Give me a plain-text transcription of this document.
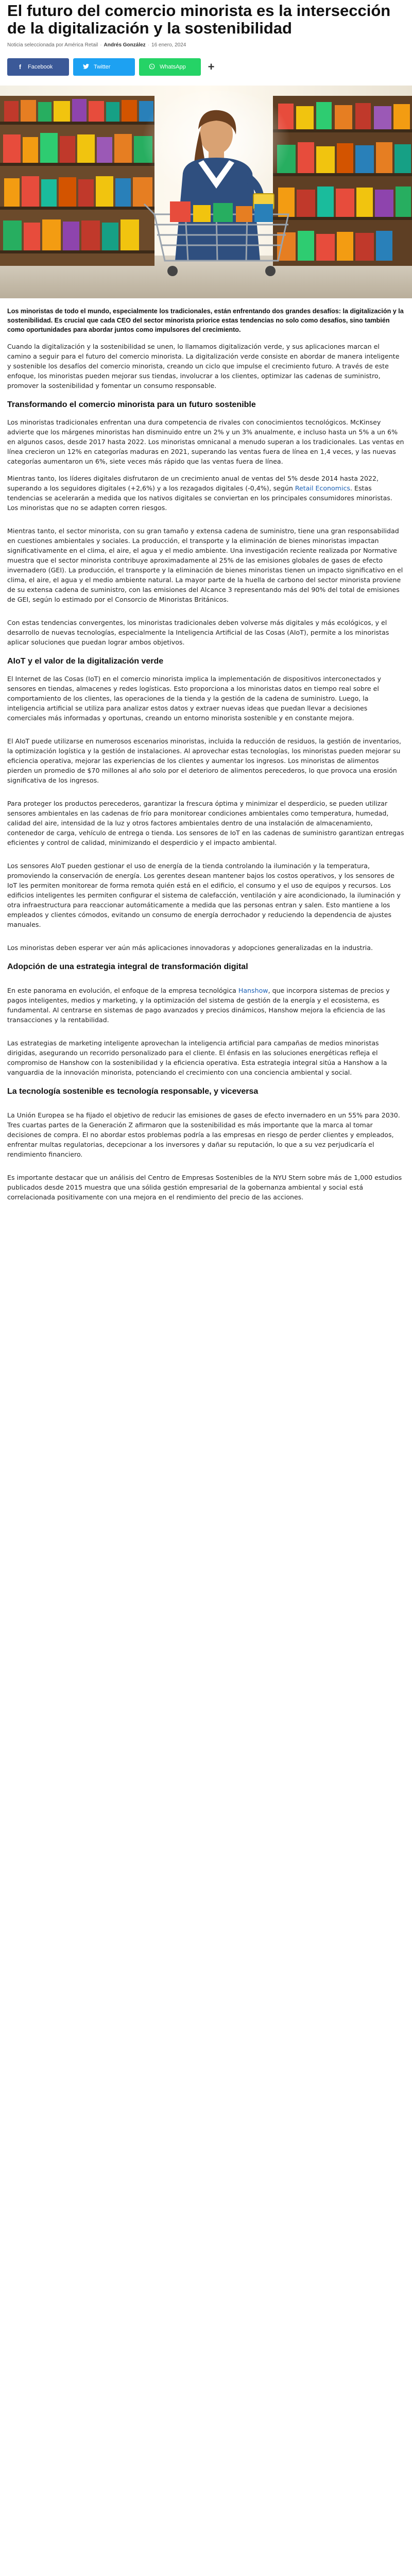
El futuro del comercio minorista es la intersección de la digitalización y la sostenibilidad
Noticia seleccionada por América Retail · Andrés González · 16 enero, 2024
f	Facebook	Twitter	WhatsApp +
Los minoristas de todo el mundo, especialmente los tradicionales, están enfrentando dos grandes desafíos: la digitalización y la sostenibilidad. Es crucial que cada CEO del sector minorista priorice estas tendencias no solo como desafíos, sino también como oportunidades para abordar juntos como impulsores del crecimiento.

Cuando la digitalización y la sostenibilidad se unen, lo llamamos digitalización verde, y sus aplicaciones marcan el camino a seguir para el futuro del comercio minorista. La digitalización verde consiste en abordar de manera inteligente y sostenible los desafíos del comercio minorista, creando un ciclo que impulse el crecimiento futuro. A través de este enfoque, los minoristas pueden mejorar sus tiendas, involucrar a los clientes, optimizar las cadenas de suministro, promover la sostenibilidad y fomentar un consumo responsable.

Transformando el comercio minorista para un futuro sostenible

Los minoristas tradicionales enfrentan una dura competencia de rivales con conocimientos tecnológicos. McKinsey advierte que los márgenes minoristas han disminuido entre un 2% y un 3% anualmente, e incluso hasta un 5% a un 6% en algunos casos, desde 2017 hasta 2022. Los minoristas omnicanal a menudo superan a los tradicionales. Las ventas en línea crecieron un 12% en categorías maduras en 2021, superando las ventas fuera de línea en 1,4 veces, y las nuevas categorías aumentaron un 6%, siete veces más rápido que las ventas fuera de línea.

Mientras tanto, los líderes digitales disfrutaron de un crecimiento anual de ventas del 5% desde 2014 hasta 2022, superando a los seguidores digitales (+2,6%) y a los rezagados digitales (-0,4%), según Retail Economics. Estas tendencias se acelerarán a medida que los nativos digitales se conviertan en los principales consumidores minoristas. Los minoristas que no se adapten corren riesgos.

Mientras tanto, el sector minorista, con su gran tamaño y extensa cadena de suministro, tiene una gran responsabilidad en cuestiones ambientales y sociales. La producción, el transporte y la eliminación de bienes minoristas impactan significativamente en el clima, el aire, el agua y el medio ambiente. Una investigación reciente realizada por Normative muestra que el sector minorista contribuye aproximadamente al 25% de las emisiones globales de gases de efecto invernadero (GEI). La producción, el transporte y la eliminación de bienes minoristas tienen un impacto significativo en el clima, el aire, el agua y el medio ambiente natural. La mayor parte de la huella de carbono del sector minorista proviene de su extensa cadena de suministro, con las emisiones del Alcance 3 representando más del 90% del total de emisiones de GEI, según lo estimado por el Consorcio de Minoristas Británicos.

Con estas tendencias convergentes, los minoristas tradicionales deben volverse más digitales y más ecológicos, y el desarrollo de nuevas tecnologías, especialmente la Inteligencia Artificial de las Cosas (AIoT), permite a los minoristas aplicar soluciones que puedan lograr ambos objetivos.

AIoT y el valor de la digitalización verde

El Internet de las Cosas (IoT) en el comercio minorista implica la implementación de dispositivos interconectados y sensores en tiendas, almacenes y redes logísticas. Esto proporciona a los minoristas datos en tiempo real sobre el comportamiento de los clientes, las operaciones de la tienda y la gestión de la cadena de suministro. Luego, la inteligencia artificial se utiliza para analizar estos datos y extraer nuevas ideas que puedan llevar a decisiones comerciales más informadas y oportunas, creando un entorno minorista sostenible y en constante mejora.

El AIoT puede utilizarse en numerosos escenarios minoristas, incluida la reducción de residuos, la gestión de inventarios, la optimización logística y la gestión de instalaciones. Al aprovechar estas tecnologías, los minoristas pueden mejorar su eficiencia operativa, mejorar las experiencias de los clientes y aumentar los ingresos. Los minoristas de alimentos pierden un promedio de $70 millones al año solo por el deterioro de alimentos perecederos, lo que provoca una erosión significativa de los ingresos.

Para proteger los productos perecederos, garantizar la frescura óptima y minimizar el desperdicio, se pueden utilizar sensores ambientales en las cadenas de frío para monitorear condiciones ambientales como temperatura, humedad, calidad del aire, intensidad de la luz y otros factores ambientales dentro de una instalación de almacenamiento, contenedor de carga, vehículo de entrega o tienda. Los sensores de IoT en las cadenas de suministro garantizan entregas eficientes y control de calidad, minimizando el desperdicio y el impacto ambiental.

Los sensores AIoT pueden gestionar el uso de energía de la tienda controlando la iluminación y la temperatura, promoviendo la conservación de energía. Los gerentes desean mantener bajos los costos operativos, y los sensores de IoT les permiten monitorear de forma remota quién está en el edificio, el consumo y el uso de equipos y recursos. Los edificios inteligentes les permiten configurar el sistema de calefacción, ventilación y aire acondicionado, la iluminación y otra infraestructura para reaccionar automáticamente a medida que las personas entran y salen. Esto mantiene a los empleados y clientes cómodos, evitando un consumo de energía derrochador y reduciendo la dependencia de ajustes manuales.

Los minoristas deben esperar ver aún más aplicaciones innovadoras y adopciones generalizadas en la industria.

Adopción de una estrategia integral de transformación digital

En este panorama en evolución, el enfoque de la empresa tecnológica Hanshow, que incorpora sistemas de precios y pagos inteligentes, medios y marketing, y la optimización del sistema de gestión de la energía y el ecosistema, es fundamental. Al centrarse en sistemas de pago avanzados y precios dinámicos, Hanshow mejora la eficiencia de las transacciones y la rentabilidad.

Las estrategias de marketing inteligente aprovechan la inteligencia artificial para campañas de medios minoristas dirigidas, asegurando un recorrido personalizado para el cliente. El énfasis en las soluciones energéticas refleja el compromiso de Hanshow con la sostenibilidad y la eficiencia operativa. Esta estrategia integral sitúa a Hanshow a la vanguardia de la innovación minorista, potenciando el crecimiento con una conciencia ambiental y social.

La tecnología sostenible es tecnología responsable, y viceversa

La Unión Europea se ha fijado el objetivo de reducir las emisiones de gases de efecto invernadero en un 55% para 2030. Tres cuartas partes de la Generación Z afirmaron que la sostenibilidad es más importante que la marca al tomar decisiones de compra. El no abordar estos problemas podría a las empresas en riesgo de perder clientes y empleados, enfrentar multas regulatorias, decepcionar a los inversores y dañar su reputación, lo que a su vez perjudicaría el rendimiento financiero.

Es importante destacar que un análisis del Centro de Empresas Sostenibles de la NYU Stern sobre más de 1,000 estudios publicados desde 2015 muestra que una sólida gestión empresarial de la gobernanza ambiental y social está correlacionada positivamente con una mejora en el rendimiento del precio de las acciones.
